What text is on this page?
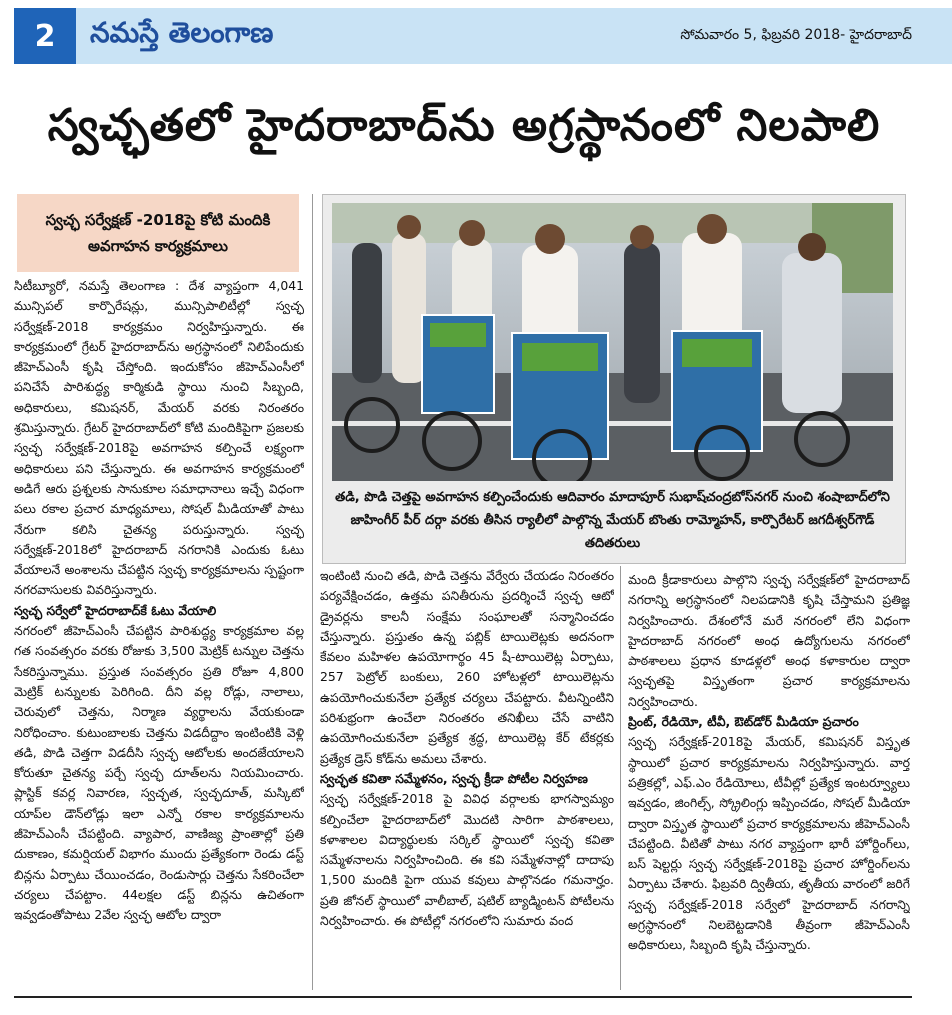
2	నమస్తే తెలంగాణ	సోమవారం 5, ఫిబ్రవరి 2018- హైదరాబాద్
స్వచ్ఛతలో హైదరాబాద్‌ను అగ్రస్థానంలో నిలపాలి
స్వచ్ఛ సర్వేక్షణ్ -2018పై కోటి మందికి అవగాహన కార్యక్రమాలు

సిటీబ్యూరో, నమస్తే తెలంగాణ : దేశ వ్యాప్తంగా 4,041 మున్సిపల్ కార్పొరేషన్లు, మున్సిపాలిటీల్లో స్వచ్ఛ సర్వేక్షణ్-2018 కార్యక్రమం నిర్వహిస్తున్నారు. ఈ కార్యక్రమంలో గ్రేటర్ హైదరాబాద్‌ను అగ్రస్థానంలో నిలిపేందుకు జీహెచ్‌ఎంసీ కృషి చేస్తోంది. ఇందుకోసం జీహెచ్‌ఎంసీలో పనిచేసే పారిశుద్ధ్య కార్మికుడి స్థాయి నుంచి సిబ్బంది, అధికారులు, కమిషనర్, మేయర్ వరకు నిరంతరం శ్రమిస్తున్నారు. గ్రేటర్ హైదరాబాద్‌లో కోటి మందికిపైగా ప్రజలకు స్వచ్ఛ సర్వేక్షణ్-2018పై అవగాహన కల్పించే లక్ష్యంగా అధికారులు పని చేస్తున్నారు. ఈ అవగాహన కార్యక్రమంలో అడిగే ఆరు ప్రశ్నలకు సానుకూల సమాధానాలు ఇచ్చే విధంగా పలు రకాల ప్రచార మాధ్యమాలు, సోషల్ మీడియాతో పాటు నేరుగా కలిసి చైతన్య పరుస్తున్నారు. స్వచ్ఛ సర్వేక్షణ్-2018లో హైదరాబాద్ నగరానికి ఎందుకు ఓటు వేయాలనే అంశాలను చేపట్టిన స్వచ్ఛ కార్యక్రమాలను స్పష్టంగా నగరవాసులకు వివరిస్తున్నారు.

స్వచ్ఛ సర్వేలో హైదరాబాద్‌కే ఓటు వేయాలి

నగరంలో జీహెచ్‌ఎంసీ చేపట్టిన పారిశుద్ధ్య కార్యక్రమాల వల్ల గత సంవత్సరం వరకు రోజుకు 3,500 మెట్రిక్ టన్నుల చెత్తను సేకరిస్తున్నాము. ప్రస్తుత సంవత్సరం ప్రతి రోజూ 4,800 మెట్రిక్ టన్నులకు పెరిగింది. దీని వల్ల రోడ్లు, నాలాలు, చెరువులో చెత్తను, నిర్మాణ వ్యర్థాలను వేయకుండా నిరోధించాం. కుటుంబాలకు చెత్తను విడదీద్దాం ఇంటింటికి వెళ్లి తడి, పొడి చెత్తగా విడదీసి స్వచ్ఛ ఆటోలకు అందజేయాలని కోరుతూ చైతన్య పర్చే స్వచ్ఛ దూత్‌లను నియమించారు. ప్లాస్టిక్ కవర్ల నివారణ, స్వచ్ఛత, స్వచ్ఛదూత్, మస్కిటో యాప్‌ల డౌన్‌లోడ్లు ఇలా ఎన్నో రకాల కార్యక్రమాలను జీహెచ్‌ఎంసీ చేపట్టింది. వ్యాపార, వాణిజ్య ప్రాంతాల్లో ప్రతి దుకాణం, కమర్షియల్ విభాగం ముందు ప్రత్యేకంగా రెండు డస్ట్ బిన్లను ఏర్పాటు చేయించడం, రెండుసార్లు చెత్తను సేకరించేలా చర్యలు చేపట్టాం. 44లక్షల డస్ట్ బిన్లను ఉచితంగా ఇవ్వడంతోపాటు 2వేల స్వచ్ఛ ఆటోల ద్వారా

తడి, పొడి చెత్తపై అవగాహన కల్పించేందుకు ఆదివారం మాదాపూర్ సుభాష్‌చంద్రబోస్‌నగర్ నుంచి శంషాబాద్‌లోని జాహింగీర్ పీర్ దర్గా వరకు తీసిన ర్యాలీలో పాల్గొన్న మేయర్ బొంతు రామ్మోహన్, కార్పొరేటర్ జగదీశ్వర్‌గౌడ్ తదితరులు

ఇంటింటి నుంచి తడి, పొడి చెత్తను వేర్వేరు చేయడం నిరంతరం పర్యవేక్షించడం, ఉత్తమ పనితీరును ప్రదర్శించే స్వచ్ఛ ఆటో డ్రైవర్లను కాలనీ సంక్షేమ సంఘాలతో సన్మానించడం చేస్తున్నారు. ప్రస్తుతం ఉన్న పబ్లిక్ టాయిలెట్లకు అదనంగా కేవలం మహిళల ఉపయోగార్థం 45 షీ-టాయిలెట్ల ఏర్పాటు, 257 పెట్రోల్ బంకులు, 260 హోటళ్లలో టాయిలెట్లను ఉపయోగించుకునేలా ప్రత్యేక చర్యలు చేపట్టారు. వీటన్నింటిని పరిశుభ్రంగా ఉంచేలా నిరంతరం తనిఖీలు చేసే వాటిని ఉపయోగించుకునేలా ప్రత్యేక శ్రద్ధ, టాయిలెట్ల కేర్ టేకర్లకు ప్రత్యేక డ్రెస్ కోడ్‌ను అమలు చేశారు.

స్వచ్ఛత కవితా సమ్మేళనం, స్వచ్ఛ క్రీడా పోటీల నిర్వహణ

స్వచ్ఛ సర్వేక్షణ్-2018 పై వివిధ వర్గాలకు భాగస్వామ్యం కల్పించేలా హైదరాబాద్‌లో మొదటి సారిగా పాఠశాలలు, కళాశాలల విద్యార్థులకు సర్కిల్ స్థాయిలో స్వచ్ఛ కవితా సమ్మేళనాలను నిర్వహించింది. ఈ కవి సమ్మేళనాల్లో దాదాపు 1,500 మందికి పైగా యువ కవులు పాల్గొనడం గమనార్హం. ప్రతి జోనల్ స్థాయిలో వాలీబాల్, షటిల్ బ్యాడ్మింటన్ పోటీలను నిర్వహించారు. ఈ పోటీల్లో నగరంలోని సుమారు వంద

మంది క్రీడాకారులు పాల్గొని స్వచ్ఛ సర్వేక్షణ్‌లో హైదరాబాద్ నగరాన్ని అగ్రస్థానంలో నిలపడానికి కృషి చేస్తామని ప్రతిజ్ఞ నిర్వహించారు. దేశంలోనే మరే నగరంలో లేని విధంగా హైదరాబాద్ నగరంలో అంధ ఉద్యోగులను నగరంలో పాఠశాలలు ప్రధాన కూడళ్లలో అంధ కళాకారుల ద్వారా స్వచ్ఛతపై విస్తృతంగా ప్రచార కార్యక్రమాలను నిర్వహించారు.

ప్రింట్, రేడియో, టీవీ, ఔట్‌డోర్ మీడియా ప్రచారం

స్వచ్ఛ సర్వేక్షణ్-2018పై మేయర్, కమిషనర్ విస్తృత స్థాయిలో ప్రచార కార్యక్రమాలను నిర్వహిస్తున్నారు. వార్త పత్రికల్లో, ఎఫ్.ఎం రేడియోలు, టీవీల్లో ప్రత్యేక ఇంటర్వ్యూలు ఇవ్వడం, జింగిల్స్, స్క్రోలింగ్లు ఇప్పించడం, సోషల్ మీడియా ద్వారా విస్తృత స్థాయిలో ప్రచార కార్యక్రమాలను జీహెచ్‌ఎంసీ చేపట్టింది. వీటితో పాటు నగర వ్యాప్తంగా భారీ హోర్డింగ్‌లు, బస్ షెల్టర్లు స్వచ్ఛ సర్వేక్షణ్-2018పై ప్రచార హోర్డింగ్‌లను ఏర్పాటు చేశారు. ఫిబ్రవరి ద్వితీయ, తృతీయ వారంలో జరిగే స్వచ్ఛ సర్వేక్షణ్-2018 సర్వేలో హైదరాబాద్ నగరాన్ని అగ్రస్థానంలో నిలబెట్టడానికి తీవ్రంగా జీహెచ్‌ఎంసీ అధికారులు, సిబ్బంది కృషి చేస్తున్నారు.
